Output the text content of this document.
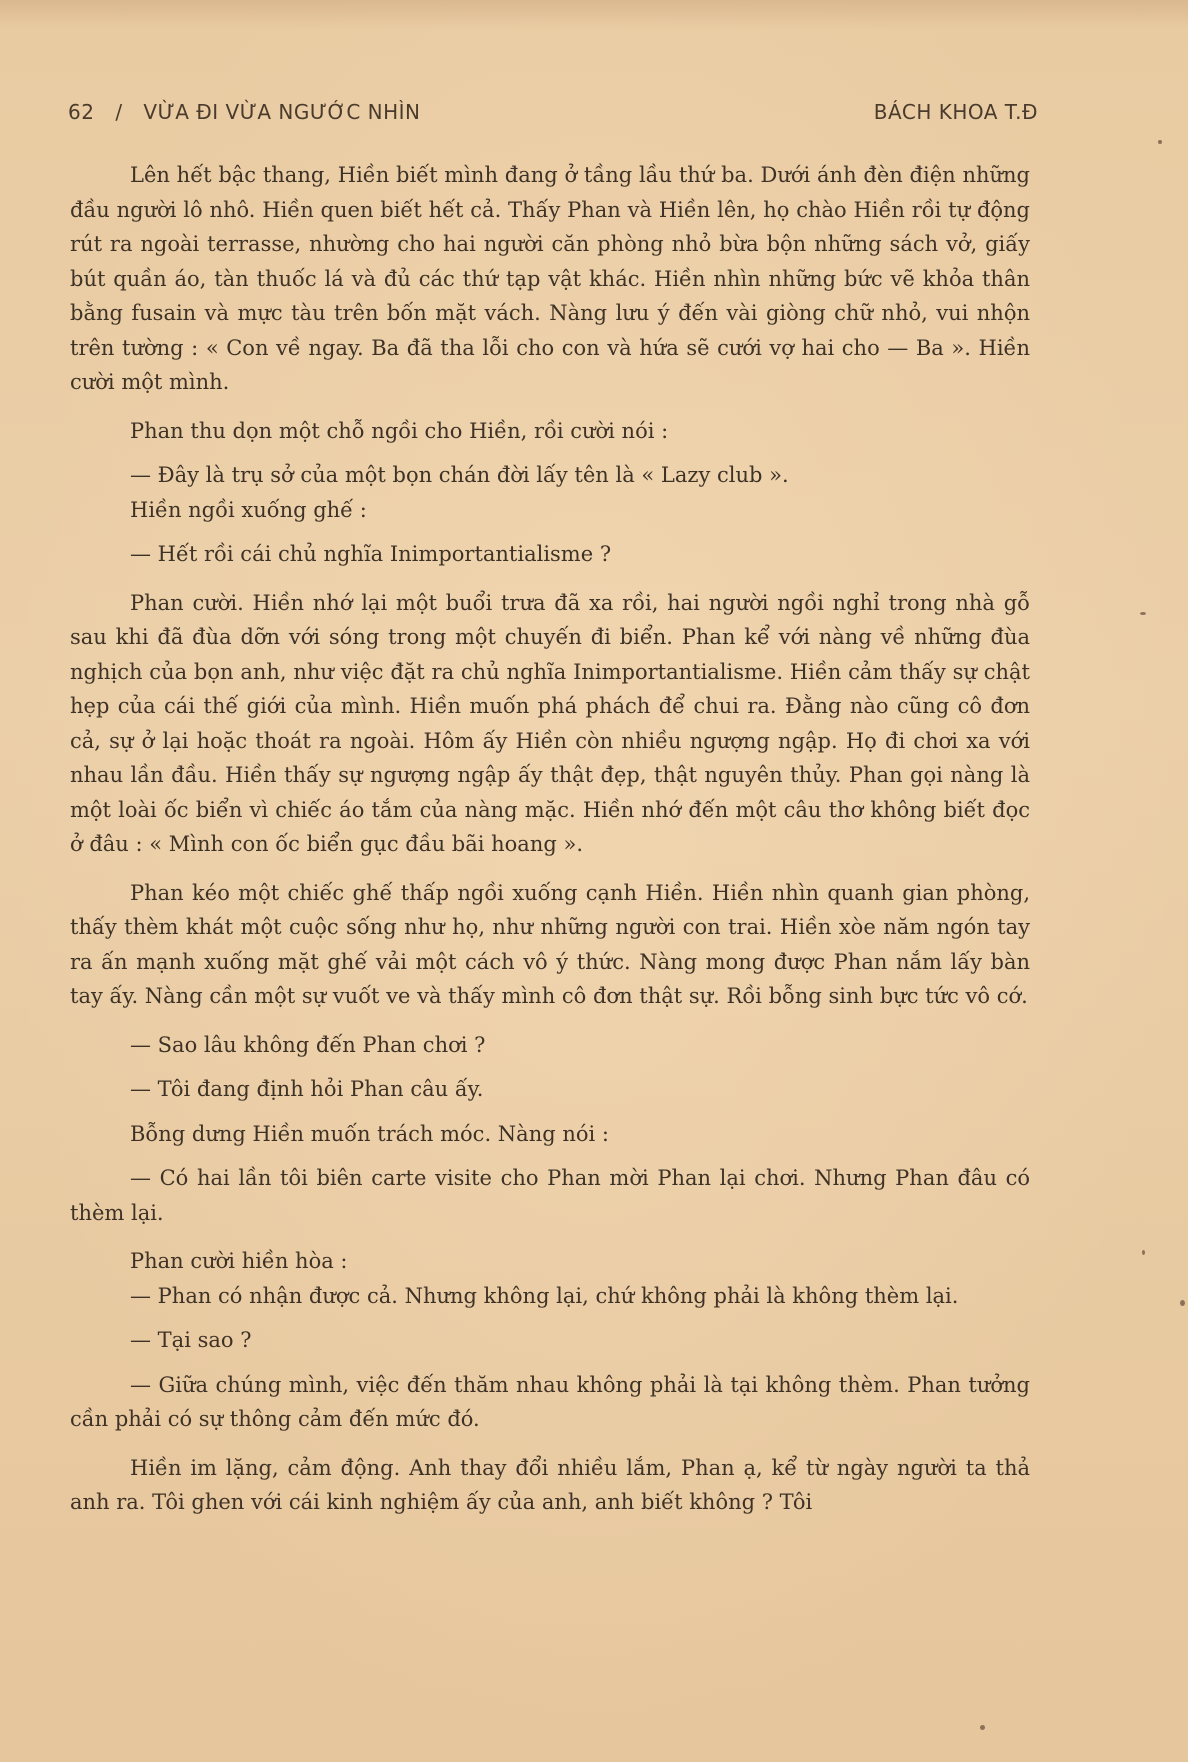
62 / VỪA ĐI VỪA NGƯỚC NHÌN	BÁCH KHOA T.Đ

Lên hết bậc thang, Hiền biết mình đang ở tầng lầu thứ ba. Dưới ánh đèn điện những đầu người lô nhô. Hiền quen biết hết cả. Thấy Phan và Hiền lên, họ chào Hiền rồi tự động rút ra ngoài terrasse, nhường cho hai người căn phòng nhỏ bừa bộn những sách vở, giấy bút quần áo, tàn thuốc lá và đủ các thứ tạp vật khác. Hiền nhìn những bức vẽ khỏa thân bằng fusain và mực tàu trên bốn mặt vách. Nàng lưu ý đến vài giòng chữ nhỏ, vui nhộn trên tường : « Con về ngay. Ba đã tha lỗi cho con và hứa sẽ cưới vợ hai cho — Ba ». Hiền cười một mình.

Phan thu dọn một chỗ ngồi cho Hiền, rồi cười nói :

— Đây là trụ sở của một bọn chán đời lấy tên là « Lazy club ».

Hiền ngồi xuống ghế :

— Hết rồi cái chủ nghĩa Inimportantialisme ?

Phan cười. Hiền nhớ lại một buổi trưa đã xa rồi, hai người ngồi nghỉ trong nhà gỗ sau khi đã đùa dỡn với sóng trong một chuyến đi biển. Phan kể với nàng về những đùa nghịch của bọn anh, như việc đặt ra chủ nghĩa Inimportantialisme. Hiền cảm thấy sự chật hẹp của cái thế giới của mình. Hiền muốn phá phách để chui ra. Đằng nào cũng cô đơn cả, sự ở lại hoặc thoát ra ngoài. Hôm ấy Hiền còn nhiều ngượng ngập. Họ đi chơi xa với nhau lần đầu. Hiền thấy sự ngượng ngập ấy thật đẹp, thật nguyên thủy. Phan gọi nàng là một loài ốc biển vì chiếc áo tắm của nàng mặc. Hiền nhớ đến một câu thơ không biết đọc ở đâu : « Mình con ốc biển gục đầu bãi hoang ».

Phan kéo một chiếc ghế thấp ngồi xuống cạnh Hiền. Hiền nhìn quanh gian phòng, thấy thèm khát một cuộc sống như họ, như những người con trai. Hiền xòe năm ngón tay ra ấn mạnh xuống mặt ghế vải một cách vô ý thức. Nàng mong được Phan nắm lấy bàn tay ấy. Nàng cần một sự vuốt ve và thấy mình cô đơn thật sự. Rồi bỗng sinh bực tức vô cớ.

— Sao lâu không đến Phan chơi ?

— Tôi đang định hỏi Phan câu ấy.

Bỗng dưng Hiền muốn trách móc. Nàng nói :

— Có hai lần tôi biên carte visite cho Phan mời Phan lại chơi. Nhưng Phan đâu có thèm lại.

Phan cười hiền hòa :

— Phan có nhận được cả. Nhưng không lại, chứ không phải là không thèm lại.

— Tại sao ?

— Giữa chúng mình, việc đến thăm nhau không phải là tại không thèm. Phan tưởng cần phải có sự thông cảm đến mức đó.

Hiền im lặng, cảm động. Anh thay đổi nhiều lắm, Phan ạ, kể từ ngày người ta thả anh ra. Tôi ghen với cái kinh nghiệm ấy của anh, anh biết không ? Tôi
